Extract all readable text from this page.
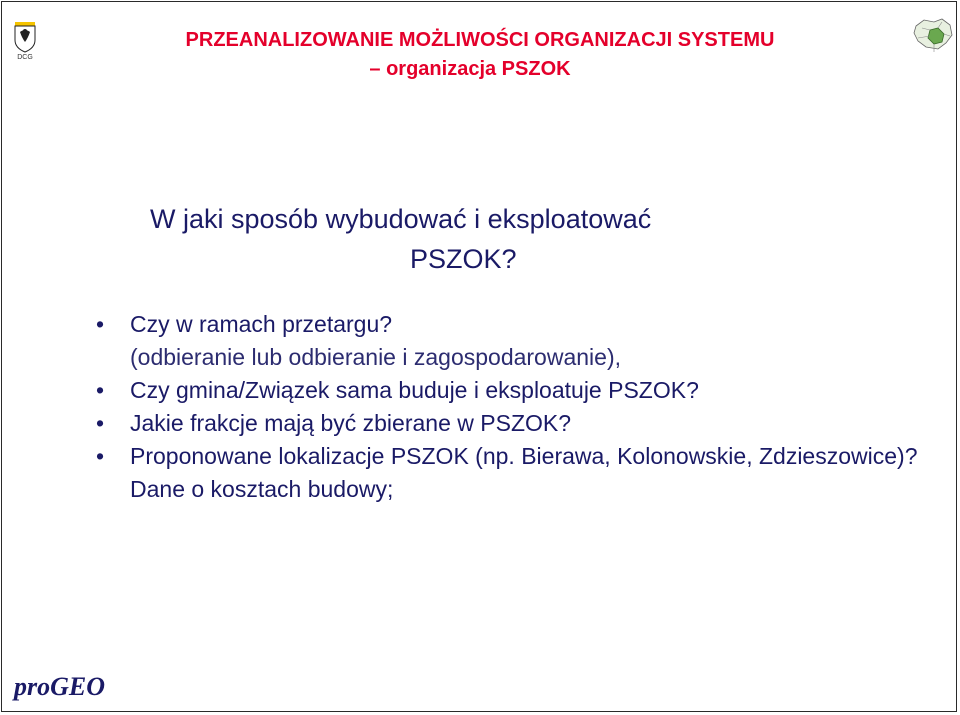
DCG
PRZEANALIZOWANIE MOŻLIWOŚCI ORGANIZACJI SYSTEMU
– organizacja PSZOK
W jaki sposób wybudować i eksploatować
PSZOK?
• Czy w ramach przetargu?
(odbieranie lub odbieranie i zagospodarowanie),
• Czy gmina/Związek sama buduje i eksploatuje PSZOK?
• Jakie frakcje mają być zbierane w PSZOK?
• Proponowane lokalizacje PSZOK (np. Bierawa, Kolonowskie, Zdzieszowice)? Dane o kosztach budowy;
proGEO
